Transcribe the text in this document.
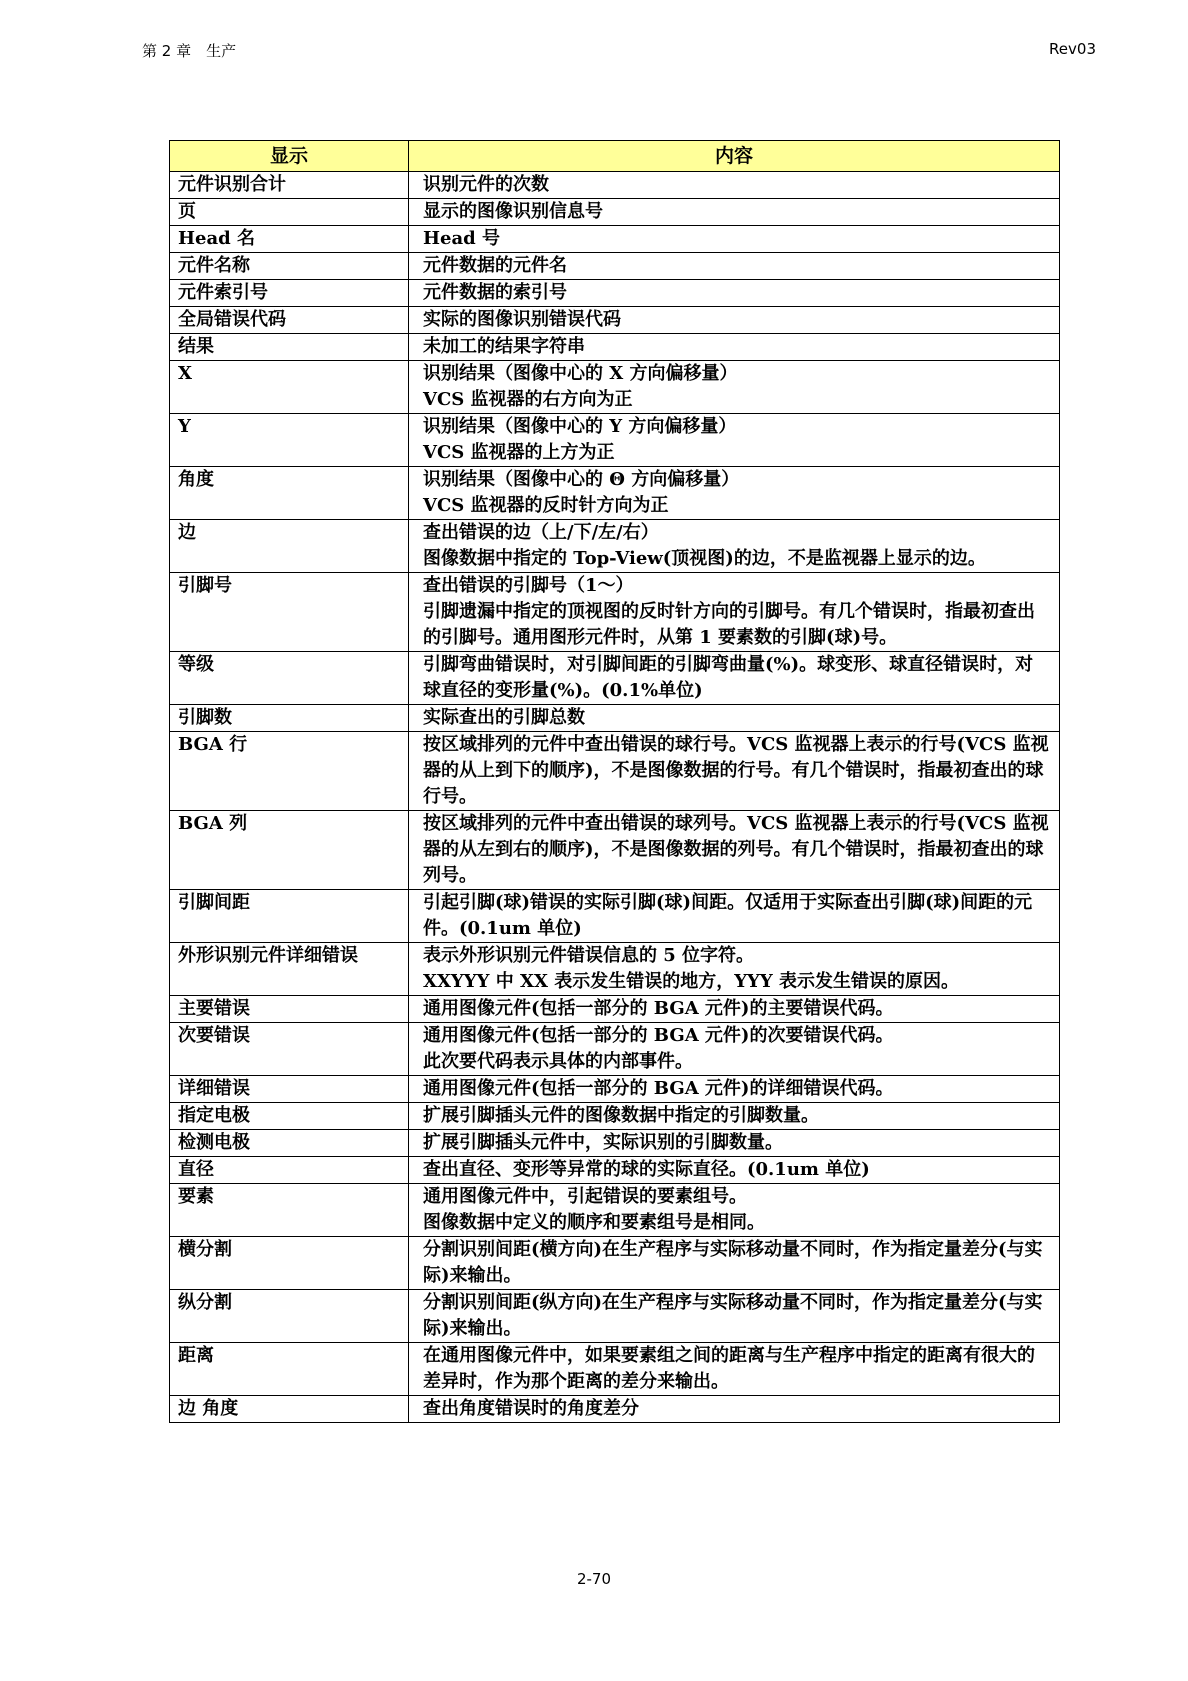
第 2 章　生产	Rev03
显示	内容
元件识别合计	识别元件的次数
页	显示的图像识别信息号
Head 名	Head 号
元件名称	元件数据的元件名
元件索引号	元件数据的索引号
全局错误代码	实际的图像识别错误代码
结果	未加工的结果字符串
X	识别结果（图像中心的 X 方向偏移量）
VCS 监视器的右方向为正
Y	识别结果（图像中心的 Y 方向偏移量）
VCS 监视器的上方为正
角度	识别结果（图像中心的 Θ 方向偏移量）
VCS 监视器的反时针方向为正
边	查出错误的边（上/下/左/右）
图像数据中指定的 Top-View(顶视图)的边，不是监视器上显示的边。
引脚号	查出错误的引脚号（1～）
引脚遗漏中指定的顶视图的反时针方向的引脚号。有几个错误时，指最初查出的引脚号。通用图形元件时，从第 1 要素数的引脚(球)号。
等级	引脚弯曲错误时，对引脚间距的引脚弯曲量(%)。球变形、球直径错误时，对球直径的变形量(%)。(0.1%单位)
引脚数	实际查出的引脚总数
BGA 行	按区域排列的元件中查出错误的球行号。VCS 监视器上表示的行号(VCS 监视器的从上到下的顺序)，不是图像数据的行号。有几个错误时，指最初查出的球行号。
BGA 列	按区域排列的元件中查出错误的球列号。VCS 监视器上表示的行号(VCS 监视器的从左到右的顺序)，不是图像数据的列号。有几个错误时，指最初查出的球列号。
引脚间距	引起引脚(球)错误的实际引脚(球)间距。仅适用于实际查出引脚(球)间距的元件。(0.1um 单位)
外形识别元件详细错误	表示外形识别元件错误信息的 5 位字符。
XXYYY 中 XX 表示发生错误的地方，YYY 表示发生错误的原因。
主要错误	通用图像元件(包括一部分的 BGA 元件)的主要错误代码。
次要错误	通用图像元件(包括一部分的 BGA 元件)的次要错误代码。
此次要代码表示具体的内部事件。
详细错误	通用图像元件(包括一部分的 BGA 元件)的详细错误代码。
指定电极	扩展引脚插头元件的图像数据中指定的引脚数量。
检测电极	扩展引脚插头元件中，实际识别的引脚数量。
直径	查出直径、变形等异常的球的实际直径。(0.1um 单位)
要素	通用图像元件中，引起错误的要素组号。
图像数据中定义的顺序和要素组号是相同。
横分割	分割识别间距(横方向)在生产程序与实际移动量不同时，作为指定量差分(与实际)来输出。
纵分割	分割识别间距(纵方向)在生产程序与实际移动量不同时，作为指定量差分(与实际)来输出。
距离	在通用图像元件中，如果要素组之间的距离与生产程序中指定的距离有很大的差异时，作为那个距离的差分来输出。
边 角度	查出角度错误时的角度差分
2-70
